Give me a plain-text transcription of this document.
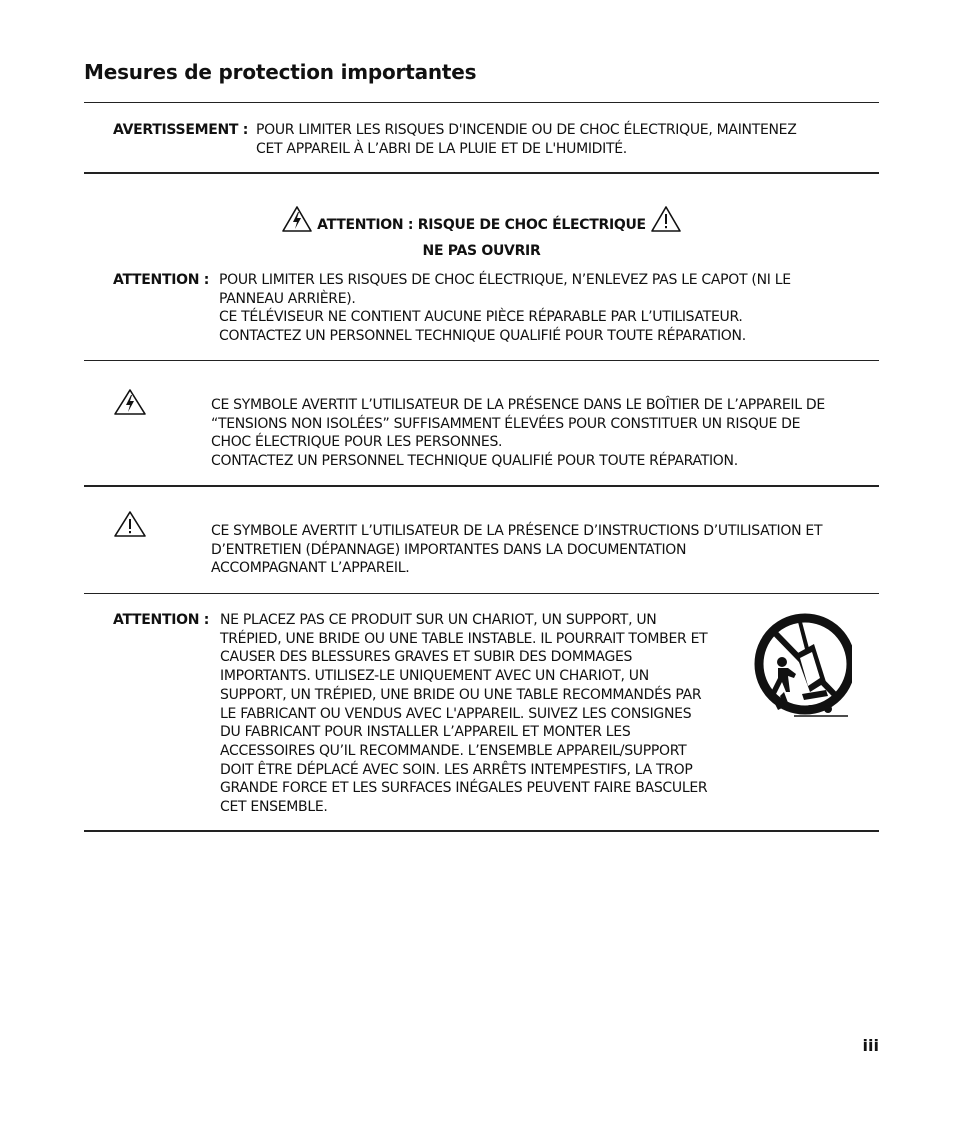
Mesures de protection importantes
AVERTISSEMENT : POUR LIMITER LES RISQUES D'INCENDIE OU DE CHOC ÉLECTRIQUE, MAINTENEZ
CET APPAREIL À L’ABRI DE LA PLUIE ET DE L'HUMIDITÉ.
ATTENTION : RISQUE DE CHOC ÉLECTRIQUE
NE PAS OUVRIR
ATTENTION : POUR LIMITER LES RISQUES DE CHOC ÉLECTRIQUE, N’ENLEVEZ PAS LE CAPOT (NI LE
PANNEAU ARRIÈRE).
CE TÉLÉVISEUR NE CONTIENT AUCUNE PIÈCE RÉPARABLE PAR L’UTILISATEUR.
CONTACTEZ UN PERSONNEL TECHNIQUE QUALIFIÉ POUR TOUTE RÉPARATION.
CE SYMBOLE AVERTIT L’UTILISATEUR DE LA PRÉSENCE DANS LE BOÎTIER DE L’APPAREIL DE
“TENSIONS NON ISOLÉES” SUFFISAMMENT ÉLEVÉES POUR CONSTITUER UN RISQUE DE
CHOC ÉLECTRIQUE POUR LES PERSONNES.
CONTACTEZ UN PERSONNEL TECHNIQUE QUALIFIÉ POUR TOUTE RÉPARATION.
CE SYMBOLE AVERTIT L’UTILISATEUR DE LA PRÉSENCE D’INSTRUCTIONS D’UTILISATION ET
D’ENTRETIEN (DÉPANNAGE) IMPORTANTES DANS LA DOCUMENTATION
ACCOMPAGNANT L’APPAREIL.
ATTENTION : NE PLACEZ PAS CE PRODUIT SUR UN CHARIOT, UN SUPPORT, UN
TRÉPIED, UNE BRIDE OU UNE TABLE INSTABLE. IL POURRAIT TOMBER ET
CAUSER DES BLESSURES GRAVES ET SUBIR DES DOMMAGES
IMPORTANTS. UTILISEZ-LE UNIQUEMENT AVEC UN CHARIOT, UN
SUPPORT, UN TRÉPIED, UNE BRIDE OU UNE TABLE RECOMMANDÉS PAR
LE FABRICANT OU VENDUS AVEC L'APPAREIL. SUIVEZ LES CONSIGNES
DU FABRICANT POUR INSTALLER L’APPAREIL ET MONTER LES
ACCESSOIRES QU’IL RECOMMANDE. L’ENSEMBLE APPAREIL/SUPPORT
DOIT ÊTRE DÉPLACÉ AVEC SOIN. LES ARRÊTS INTEMPESTIFS, LA TROP
GRANDE FORCE ET LES SURFACES INÉGALES PEUVENT FAIRE BASCULER
CET ENSEMBLE.
iii
